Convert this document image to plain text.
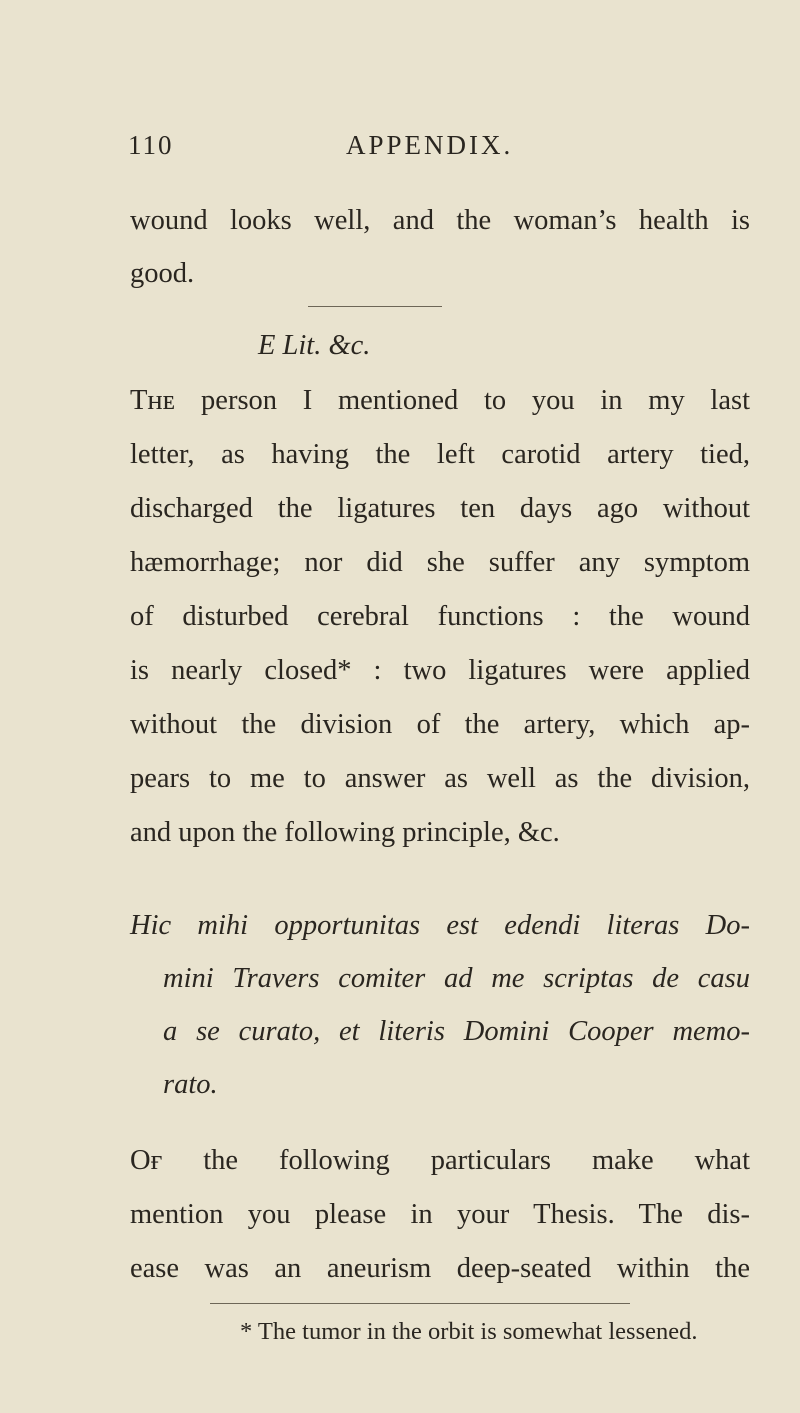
110	APPENDIX.
wound looks well, and the woman’s health is
good.
E Lit. &c.
Tʜᴇ person I mentioned to you in my last
letter, as having the left carotid artery tied,
discharged the ligatures ten days ago without
hæmorrhage; nor did she suffer any symptom
of disturbed cerebral functions : the wound
is nearly closed* : two ligatures were applied
without the division of the artery, which ap-
pears to me to answer as well as the division,
and upon the following principle, &c.
Hic mihi opportunitas est edendi literas Do-
mini Travers comiter ad me scriptas de casu
a se curato, et literis Domini Cooper memo-
rato.
Oғ the following particulars make what
mention you please in your Thesis. The dis-
ease was an aneurism deep-seated within the
* The tumor in the orbit is somewhat lessened.
